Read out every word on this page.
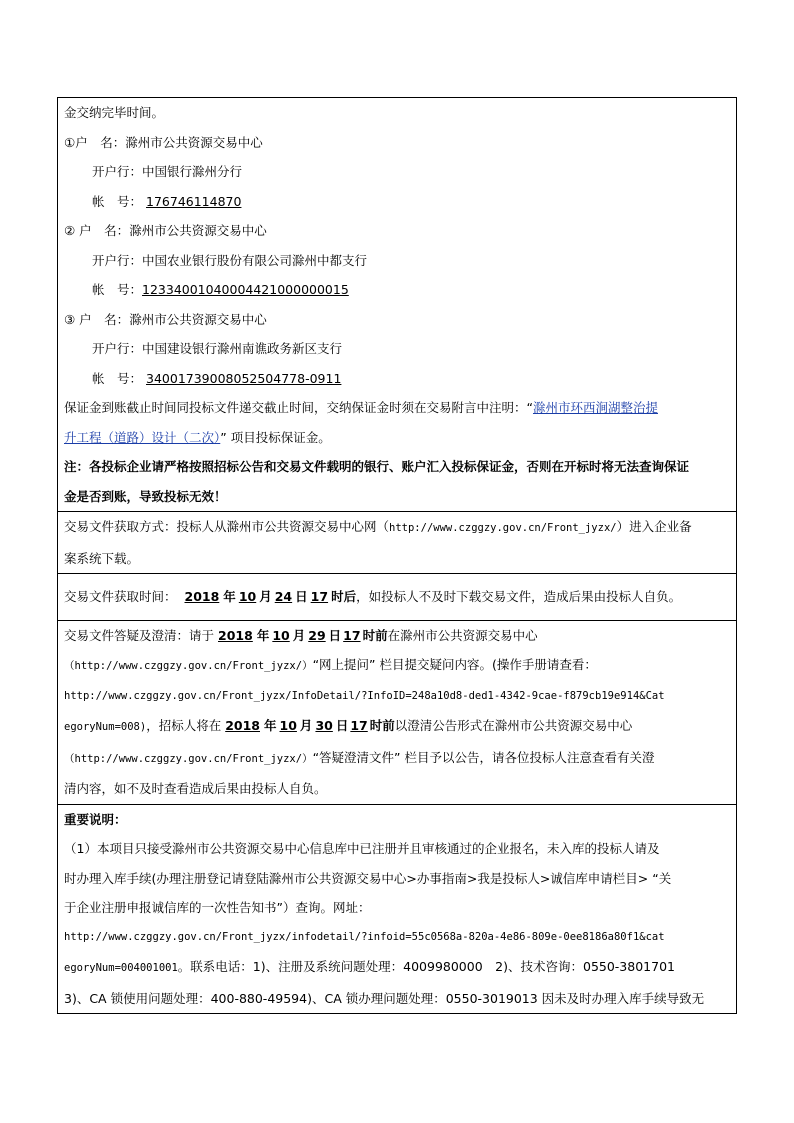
金交纳完毕时间。
①户　名：滁州市公共资源交易中心
开户行：中国银行滁州分行
帐　号： 176746114870
② 户　名：滁州市公共资源交易中心
开户行：中国农业银行股份有限公司滁州中都支行
帐　号：12334001040004421000000015
③ 户　名：滁州市公共资源交易中心
开户行：中国建设银行滁州南谯政务新区支行
帐　号： 34001739008052504778-0911
保证金到账截止时间同投标文件递交截止时间，交纳保证金时须在交易附言中注明：“滁州市环西涧湖整治提
升工程（道路）设计（二次）” 项目投标保证金。
注：各投标企业请严格按照招标公告和交易文件载明的银行、账户汇入投标保证金，否则在开标时将无法查询保证
金是否到账，导致投标无效！

交易文件获取方式：投标人从滁州市公共资源交易中心网（http://www.czggzy.gov.cn/Front_jyzx/）进入企业备
案系统下载。

交易文件获取时间： 2018 年 10 月 24 日 17 时后，如投标人不及时下载交易文件，造成后果由投标人自负。

交易文件答疑及澄清：请于 2018 年 10 月 29 日 17 时前在滁州市公共资源交易中心
（http://www.czggzy.gov.cn/Front_jyzx/）“网上提问” 栏目提交疑问内容。(操作手册请查看：
http://www.czggzy.gov.cn/Front_jyzx/InfoDetail/?InfoID=248a10d8-ded1-4342-9cae-f879cb19e914&Cat
egoryNum=008)，招标人将在 2018 年 10 月 30 日 17 时前以澄清公告形式在滁州市公共资源交易中心
（http://www.czggzy.gov.cn/Front_jyzx/）“答疑澄清文件” 栏目予以公告，请各位投标人注意查看有关澄
清内容，如不及时查看造成后果由投标人自负。

重要说明：
（1）本项目只接受滁州市公共资源交易中心信息库中已注册并且审核通过的企业报名，未入库的投标人请及
时办理入库手续(办理注册登记请登陆滁州市公共资源交易中心>办事指南>我是投标人>诚信库申请栏目> “关
于企业注册申报诚信库的一次性告知书”）查询。网址：
http://www.czggzy.gov.cn/Front_jyzx/infodetail/?infoid=55c0568a-820a-4e86-809e-0ee8186a80f1&cat
egoryNum=004001001。联系电话：1)、注册及系统问题处理：4009980000　2)、技术咨询：0550-3801701
3)、CA 锁使用问题处理：400-880-49594)、CA 锁办理问题处理：0550-3019013 因未及时办理入库手续导致无
